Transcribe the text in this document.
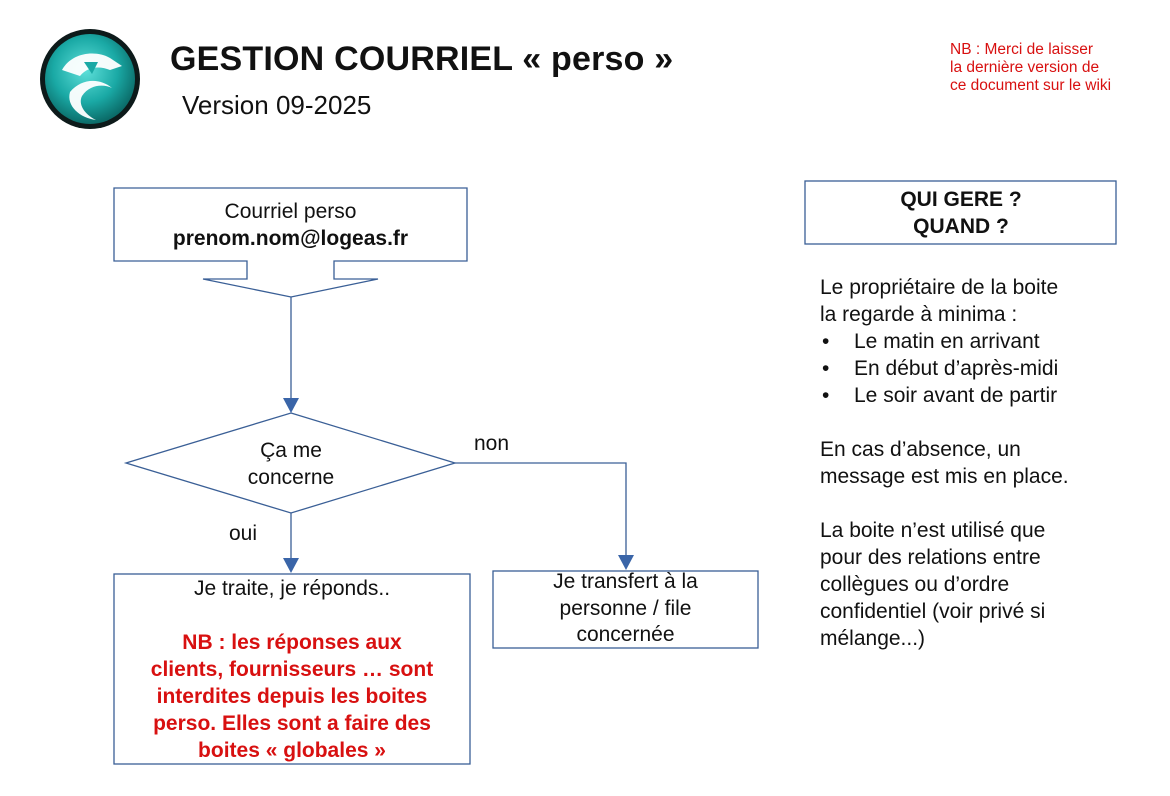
GESTION COURRIEL « perso »
Version 09-2025
NB : Merci de laisser
la dernière version de
ce document sur le wiki
Courriel perso
prenom.nom@logeas.fr
Ça me
concerne
non
oui
Je traite, je réponds..
NB : les réponses aux
clients, fournisseurs … sont
interdites depuis les boites
perso. Elles sont a faire des
boites « globales »
Je transfert à la
personne / file
concernée
QUI GERE ?
QUAND ?
Le propriétaire de la boite
la regarde à minima :
• Le matin en arrivant
• En début d’après-midi
• Le soir avant de partir
En cas d’absence, un
message est mis en place.
La boite n’est utilisé que
pour des relations entre
collègues ou d’ordre
confidentiel (voir privé si
mélange...)
